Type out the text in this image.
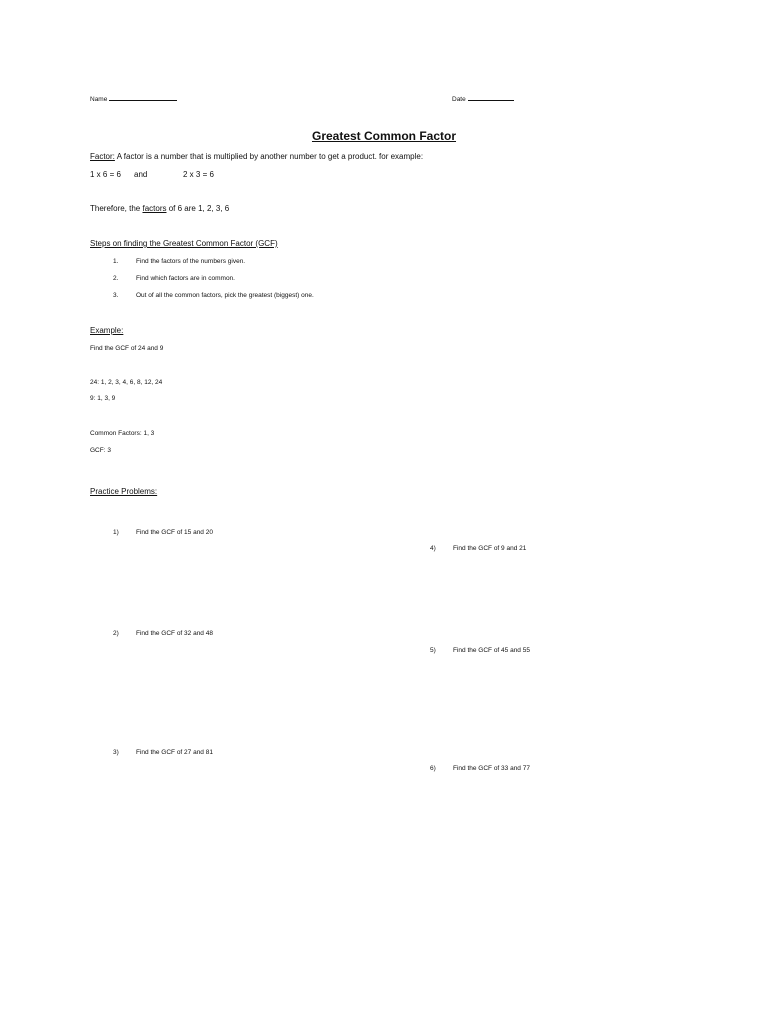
Name	Date
Greatest Common Factor
Factor: A factor is a number that is multiplied by another number to get a product. for example:
1 x 6 = 6 and	2 x 3 = 6
Therefore, the factors of 6 are 1, 2, 3, 6
Steps on finding the Greatest Common Factor (GCF)
1.	Find the factors of the numbers given.
2.	Find which factors are in common.
3.	Out of all the common factors, pick the greatest (biggest) one.
Example:
Find the GCF of 24 and 9
24: 1, 2, 3, 4, 6, 8, 12, 24
9: 1, 3, 9
Common Factors: 1, 3
GCF: 3
Practice Problems:
1)	Find the GCF of 15 and 20
4)	Find the GCF of 9 and 21
2)	Find the GCF of 32 and 48
5)	Find the GCF of 45 and 55
3)	Find the GCF of 27 and 81
6)	Find the GCF of 33 and 77
